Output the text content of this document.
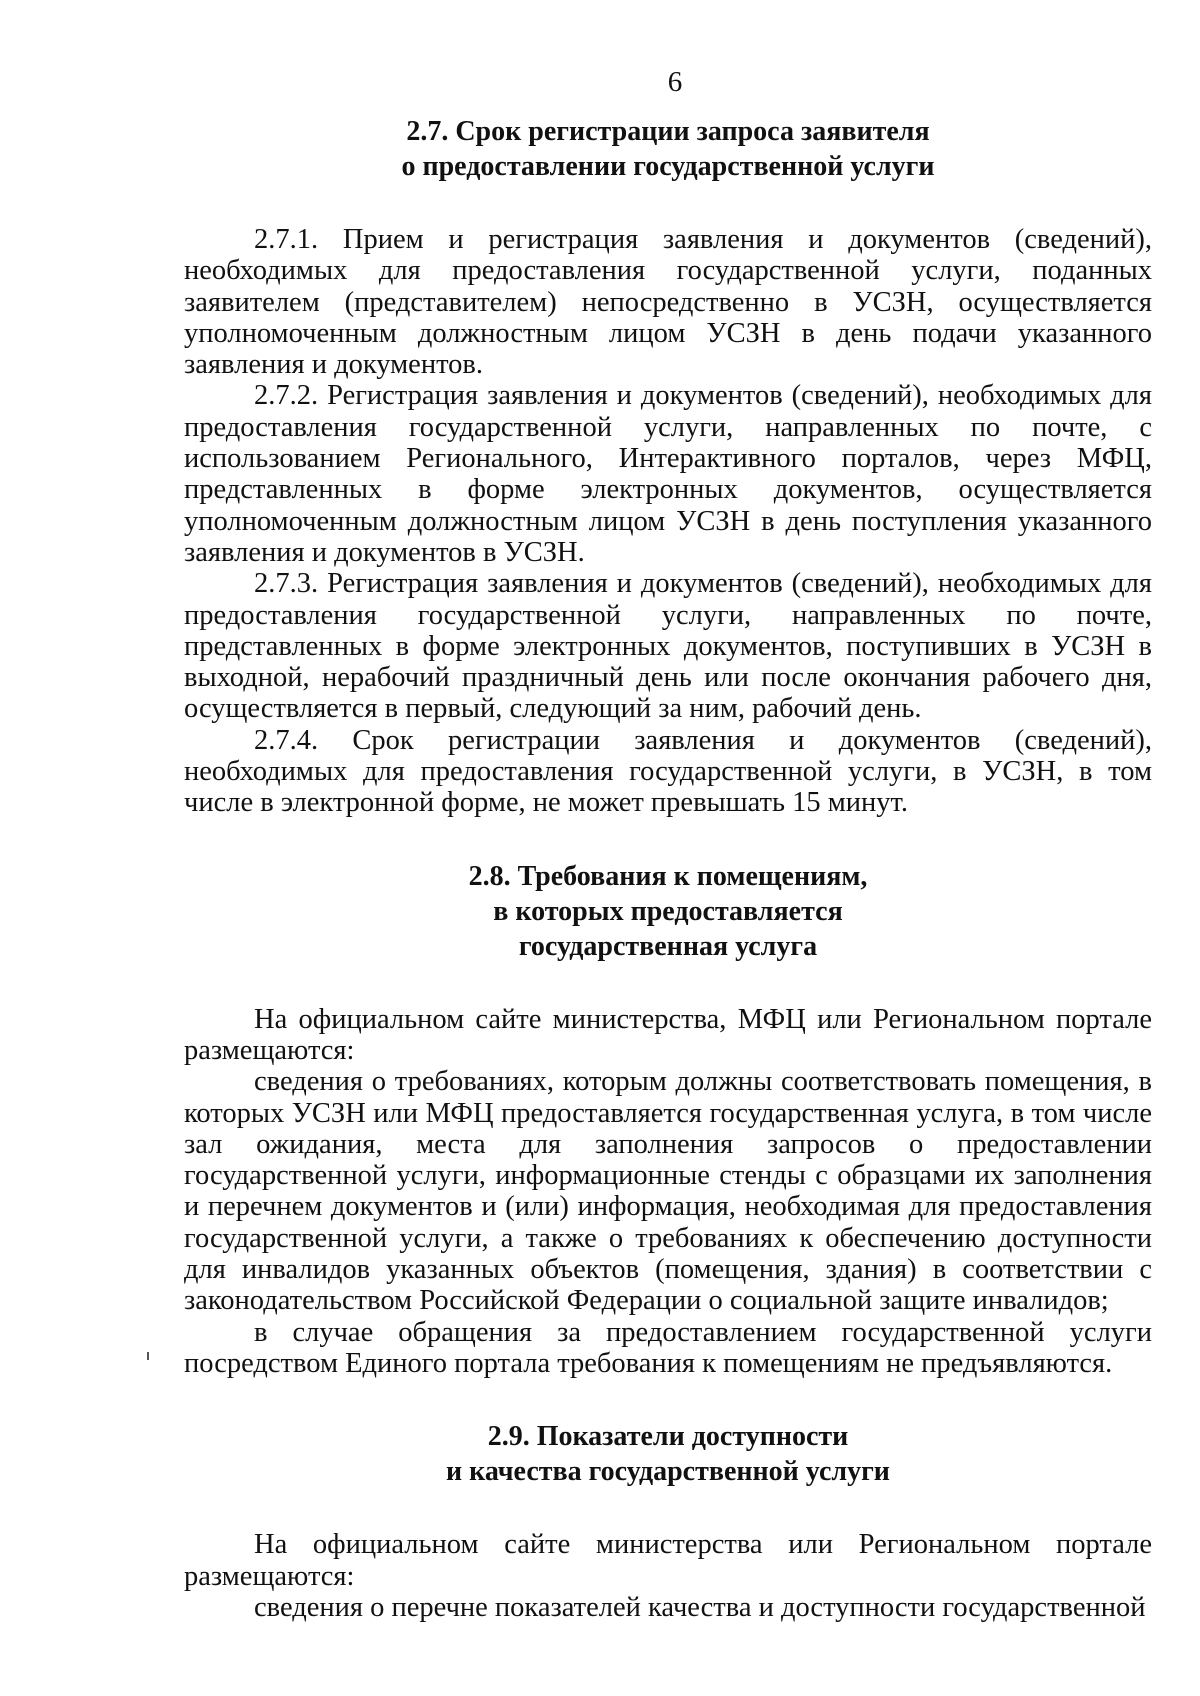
6
2.7. Срок регистрации запроса заявителя
о предоставлении государственной услуги

2.7.1. Прием и регистрация заявления и документов (сведений), необходимых для предоставления государственной услуги, поданных заявителем (представителем) непосредственно в УСЗН, осуществляется уполномоченным должностным лицом УСЗН в день подачи указанного заявления и документов.

2.7.2. Регистрация заявления и документов (сведений), необходимых для предоставления государственной услуги, направленных по почте, с использованием Регионального, Интерактивного порталов, через МФЦ, представленных в форме электронных документов, осуществляется уполномоченным должностным лицом УСЗН в день поступления указанного заявления и документов в УСЗН.

2.7.3. Регистрация заявления и документов (сведений), необходимых для предоставления государственной услуги, направленных по почте, представленных в форме электронных документов, поступивших в УСЗН в выходной, нерабочий праздничный день или после окончания рабочего дня, осуществляется в первый, следующий за ним, рабочий день.

2.7.4. Срок регистрации заявления и документов (сведений), необходимых для предоставления государственной услуги, в УСЗН, в том числе в электронной форме, не может превышать 15 минут.

2.8. Требования к помещениям,
в которых предоставляется
государственная услуга

На официальном сайте министерства, МФЦ или Региональном портале размещаются:

сведения о требованиях, которым должны соответствовать помещения, в которых УСЗН или МФЦ предоставляется государственная услуга, в том числе зал ожидания, места для заполнения запросов о предоставлении государственной услуги, информационные стенды с образцами их заполнения и перечнем документов и (или) информация, необходимая для предоставления государственной услуги, а также о требованиях к обеспечению доступности для инвалидов указанных объектов (помещения, здания) в соответствии с законодательством Российской Федерации о социальной защите инвалидов;

в случае обращения за предоставлением государственной услуги посредством Единого портала требования к помещениям не предъявляются.

2.9. Показатели доступности
и качества государственной услуги

На официальном сайте министерства или Региональном портале размещаются:

сведения о перечне показателей качества и доступности государственной
